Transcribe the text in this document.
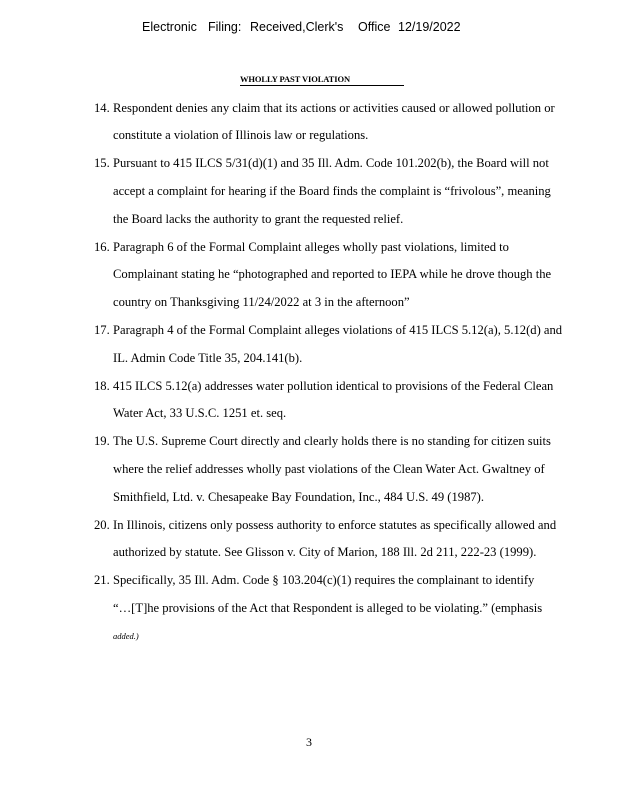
Electronic Filing: Received,Clerk's Office 12/19/2022
WHOLLY PAST VIOLATION
14. Respondent denies any claim that its actions or activities caused or allowed pollution or
constitute a violation of Illinois law or regulations.
15. Pursuant to 415 ILCS 5/31(d)(1) and 35 Ill. Adm. Code 101.202(b), the Board will not
accept a complaint for hearing if the Board finds the complaint is “frivolous”, meaning
the Board lacks the authority to grant the requested relief.
16. Paragraph 6 of the Formal Complaint alleges wholly past violations, limited to
Complainant stating he “photographed and reported to IEPA while he drove though the
country on Thanksgiving 11/24/2022 at 3 in the afternoon”
17. Paragraph 4 of the Formal Complaint alleges violations of 415 ILCS 5.12(a), 5.12(d) and
IL. Admin Code Title 35, 204.141(b).
18. 415 ILCS 5.12(a) addresses water pollution identical to provisions of the Federal Clean
Water Act, 33 U.S.C. 1251 et. seq.
19. The U.S. Supreme Court directly and clearly holds there is no standing for citizen suits
where the relief addresses wholly past violations of the Clean Water Act. Gwaltney of
Smithfield, Ltd. v. Chesapeake Bay Foundation, Inc., 484 U.S. 49 (1987).
20. In Illinois, citizens only possess authority to enforce statutes as specifically allowed and
authorized by statute. See Glisson v. City of Marion, 188 Ill. 2d 211, 222-23 (1999).
21. Specifically, 35 Ill. Adm. Code § 103.204(c)(1) requires the complainant to identify
“…[T]he provisions of the Act that Respondent is alleged to be violating.” (emphasis
added.)
3
